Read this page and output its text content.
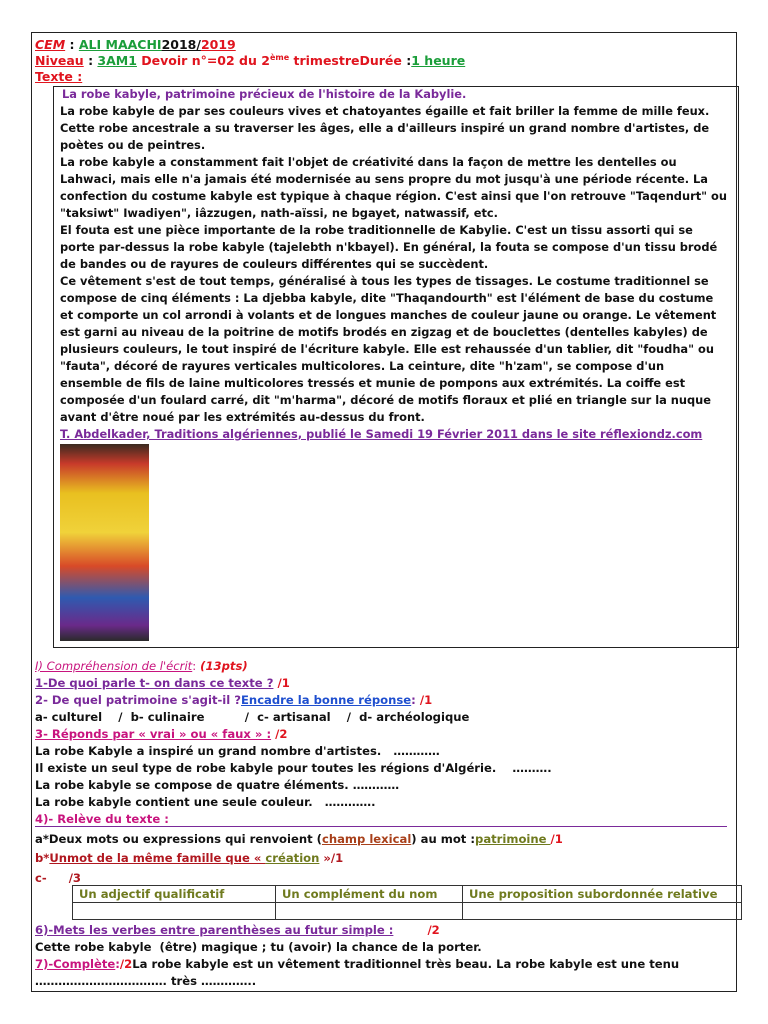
CEM : ALI MAACHI2018/2019
Niveau : 3AM1 Devoir n°=02 du 2ème trimestreDurée :1 heure
Texte :

La robe kabyle, patrimoine précieux de l'histoire de la Kabylie.

La robe kabyle de par ses couleurs vives et chatoyantes égaille et fait briller la femme de mille feux. Cette robe ancestrale a su traverser les âges, elle a d'ailleurs inspiré un grand nombre d'artistes, de poètes ou de peintres.

La robe kabyle a constamment fait l'objet de créativité dans la façon de mettre les dentelles ou Lahwaci, mais elle n'a jamais été modernisée au sens propre du mot jusqu'à une période récente. La confection du costume kabyle est typique à chaque région. C'est ainsi que l'on retrouve "Taqendurt" ou "taksiwt" Iwadiyen", iâzzugen, nath-aïssi, ne bgayet, natwassif, etc.

El fouta est une pièce importante de la robe traditionnelle de Kabylie. C'est un tissu assorti qui se porte par-dessus la robe kabyle (tajelebth n'kbayel). En général, la fouta se compose d'un tissu brodé de bandes ou de rayures de couleurs différentes qui se succèdent.

Ce vêtement s'est de tout temps, généralisé à tous les types de tissages. Le costume traditionnel se compose de cinq éléments : La djebba kabyle, dite "Thaqandourth" est l'élément de base du costume et comporte un col arrondi à volants et de longues manches de couleur jaune ou orange. Le vêtement est garni au niveau de la poitrine de motifs brodés en zigzag et de bouclettes (dentelles kabyles) de plusieurs couleurs, le tout inspiré de l'écriture kabyle. Elle est rehaussée d'un tablier, dit "foudha" ou "fauta", décoré de rayures verticales multicolores. La ceinture, dite "h'zam", se compose d'un ensemble de fils de laine multicolores tressés et munie de pompons aux extrémités. La coiffe est composée d'un foulard carré, dit "m'harma", décoré de motifs floraux et plié en triangle sur la nuque avant d'être noué par les extrémités au-dessus du front.

T. Abdelkader, Traditions algériennes, publié le Samedi 19 Février 2011 dans le site réflexiondz.com

I) Compréhension de l'écrit: (13pts)
1-De quoi parle t- on dans ce texte ? /1
2- De quel patrimoine s'agit-il ?Encadre la bonne réponse: /1
a- culturel    /  b- culinaire          /  c- artisanal    /  d- archéologique
3- Réponds par « vrai » ou « faux » : /2
La robe Kabyle a inspiré un grand nombre d'artistes.   …………
Il existe un seul type de robe kabyle pour toutes les régions d'Algérie.    ……….
La robe kabyle se compose de quatre éléments. …………
La robe kabyle contient une seule couleur.   ………….
4)- Relève du texte :
a*Deux mots ou expressions qui renvoient (champ lexical) au mot :patrimoine /1
b*Unmot de la même famille que « création »/1
c- /3
Un adjectif qualificatif	Un complément du nom	Une proposition subordonnée relative

6)-Mets les verbes entre parenthèses au futur simple :	/2
Cette robe kabyle  (être) magique ; tu (avoir) la chance de la porter.
7)-Complète:/2La robe kabyle est un vêtement traditionnel très beau. La robe kabyle est une tenu
……………………………. très …………..
